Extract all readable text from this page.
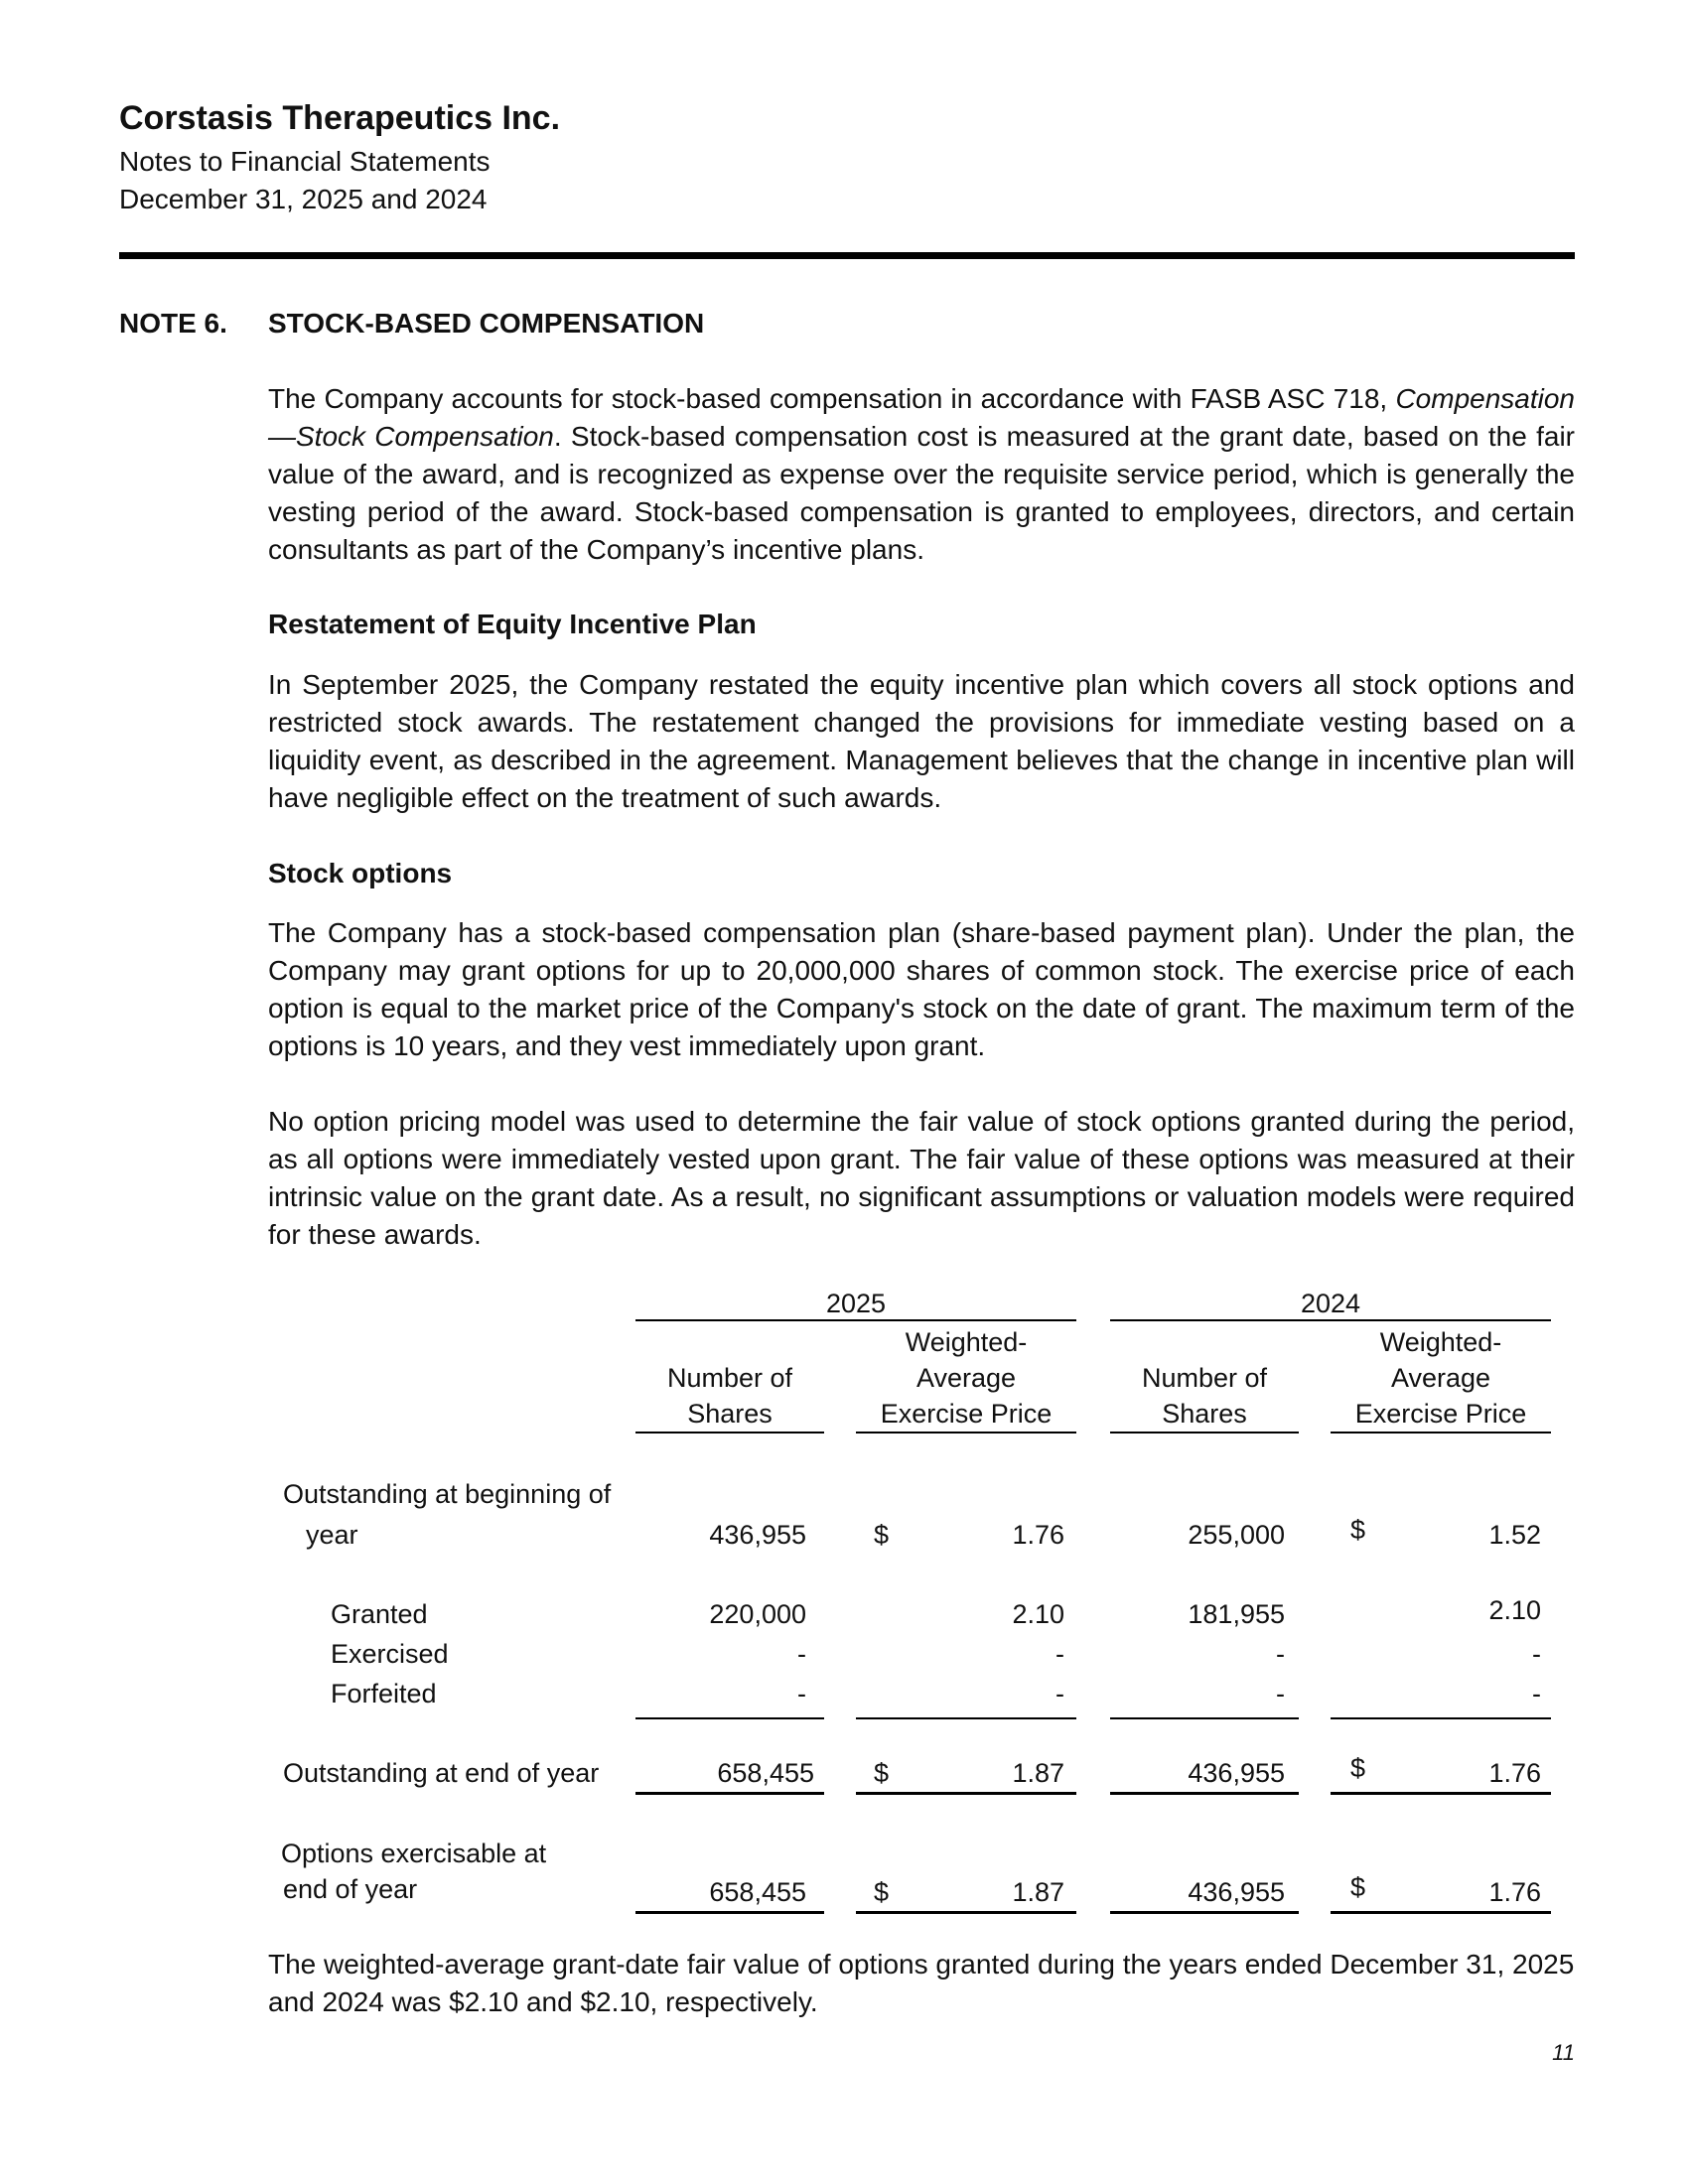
Corstasis Therapeutics Inc.
Notes to Financial Statements
December 31, 2025 and 2024
NOTE 6. STOCK-BASED COMPENSATION

The Company accounts for stock-based compensation in accordance with FASB ASC 718, Compensation—Stock Compensation. Stock-based compensation cost is measured at the grant date, based on the fair value of the award, and is recognized as expense over the requisite service period, which is generally the vesting period of the award. Stock-based compensation is granted to employees, directors, and certain consultants as part of the Company’s incentive plans.

Restatement of Equity Incentive Plan

In September 2025, the Company restated the equity incentive plan which covers all stock options and restricted stock awards. The restatement changed the provisions for immediate vesting based on a liquidity event, as described in the agreement. Management believes that the change in incentive plan will have negligible effect on the treatment of such awards.

Stock options

The Company has a stock-based compensation plan (share-based payment plan). Under the plan, the Company may grant options for up to 20,000,000 shares of common stock. The exercise price of each option is equal to the market price of the Company's stock on the date of grant. The maximum term of the options is 10 years, and they vest immediately upon grant.

No option pricing model was used to determine the fair value of stock options granted during the period, as all options were immediately vested upon grant. The fair value of these options was measured at their intrinsic value on the grant date. As a result, no significant assumptions or valuation models were required for these awards.

2025	2024
Number of
Shares
Weighted-
Average
Exercise Price
Number of
Shares
Weighted-
Average
Exercise Price
Outstanding at beginning of
year	436,955	$	1.76	255,000 $	1.52
Granted	220,000	2.10	181,955	2.10
Exercised	-	-	-	-
Forfeited	-	-	-	-
Outstanding at end of year	658,455 $	1.87	436,955 $	1.76
Options exercisable at
end of year	658,455	$	1.87	436,955 $	1.76

The weighted-average grant-date fair value of options granted during the years ended December 31, 2025 and 2024 was $2.10 and $2.10, respectively.

11
